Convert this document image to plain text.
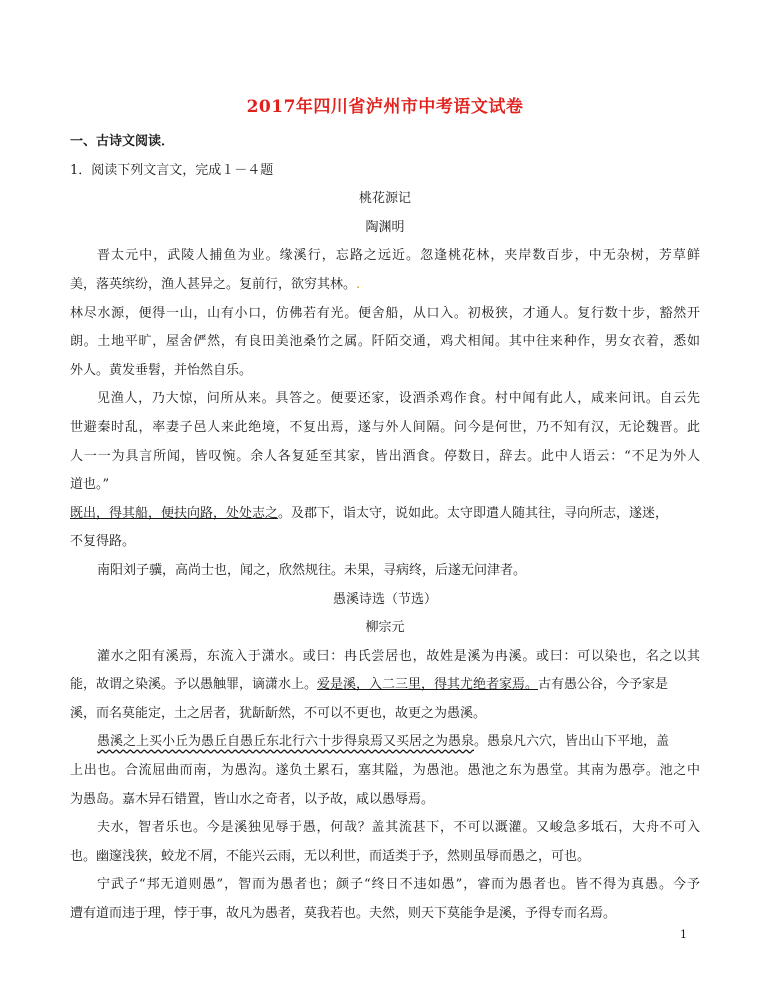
2017年四川省泸州市中考语文试卷
一、古诗文阅读．
1．阅读下列文言文，完成１－４题
桃花源记
陶渊明
晋太元中，武陵人捕鱼为业。缘溪行，忘路之远近。忽逢桃花林，夹岸数百步，中无杂树，芳草鲜
美，落英缤纷，渔人甚异之。复前行，欲穷其林。.
林尽水源，便得一山，山有小口，仿佛若有光。便舍船，从口入。初极狭，才通人。复行数十步，豁然开
朗。土地平旷，屋舍俨然，有良田美池桑竹之属。阡陌交通，鸡犬相闻。其中往来种作，男女衣着，悉如
外人。黄发垂髫，并怡然自乐。
见渔人，乃大惊，问所从来。具答之。便要还家，设酒杀鸡作食。村中闻有此人，咸来问讯。自云先
世避秦时乱，率妻子邑人来此绝境，不复出焉，遂与外人间隔。问今是何世，乃不知有汉，无论魏晋。此
人一一为具言所闻，皆叹惋。余人各复延至其家，皆出酒食。停数日，辞去。此中人语云：“不足为外人
道也。”
既出，得其船，便扶向路，处处志之。及郡下，诣太守，说如此。太守即遣人随其往，寻向所志，遂迷，
不复得路。
南阳刘子骥，高尚士也，闻之，欣然规往。未果，寻病终，后遂无问津者。
愚溪诗选（节选）
柳宗元
灌水之阳有溪焉，东流入于潇水。或曰：冉氏尝居也，故姓是溪为冉溪。或曰：可以染也，名之以其
能，故谓之染溪。予以愚触罪，谪潇水上。爱是溪，入二三里，得其尤绝者家焉。古有愚公谷，今予家是
溪，而名莫能定，土之居者，犹龂龂然，不可以不更也，故更之为愚溪。
愚溪之上买小丘为愚丘自愚丘东北行六十步得泉焉又买居之为愚泉。愚泉凡六穴，皆出山下平地，盖
上出也。合流屈曲而南，为愚沟。遂负土累石，塞其隘，为愚池。愚池之东为愚堂。其南为愚亭。池之中
为愚岛。嘉木异石错置，皆山水之奇者，以予故，咸以愚辱焉。
夫水，智者乐也。今是溪独见辱于愚，何哉？盖其流甚下，不可以溉灌。又峻急多坻石，大舟不可入
也。幽邃浅狭，蛟龙不屑，不能兴云雨，无以利世，而适类于予，然则虽辱而愚之，可也。
宁武子“邦无道则愚”，智而为愚者也；颜子“终日不违如愚”，睿而为愚者也。皆不得为真愚。今予
遭有道而违于理，悖于事，故凡为愚者，莫我若也。夫然，则天下莫能争是溪，予得专而名焉。
1
